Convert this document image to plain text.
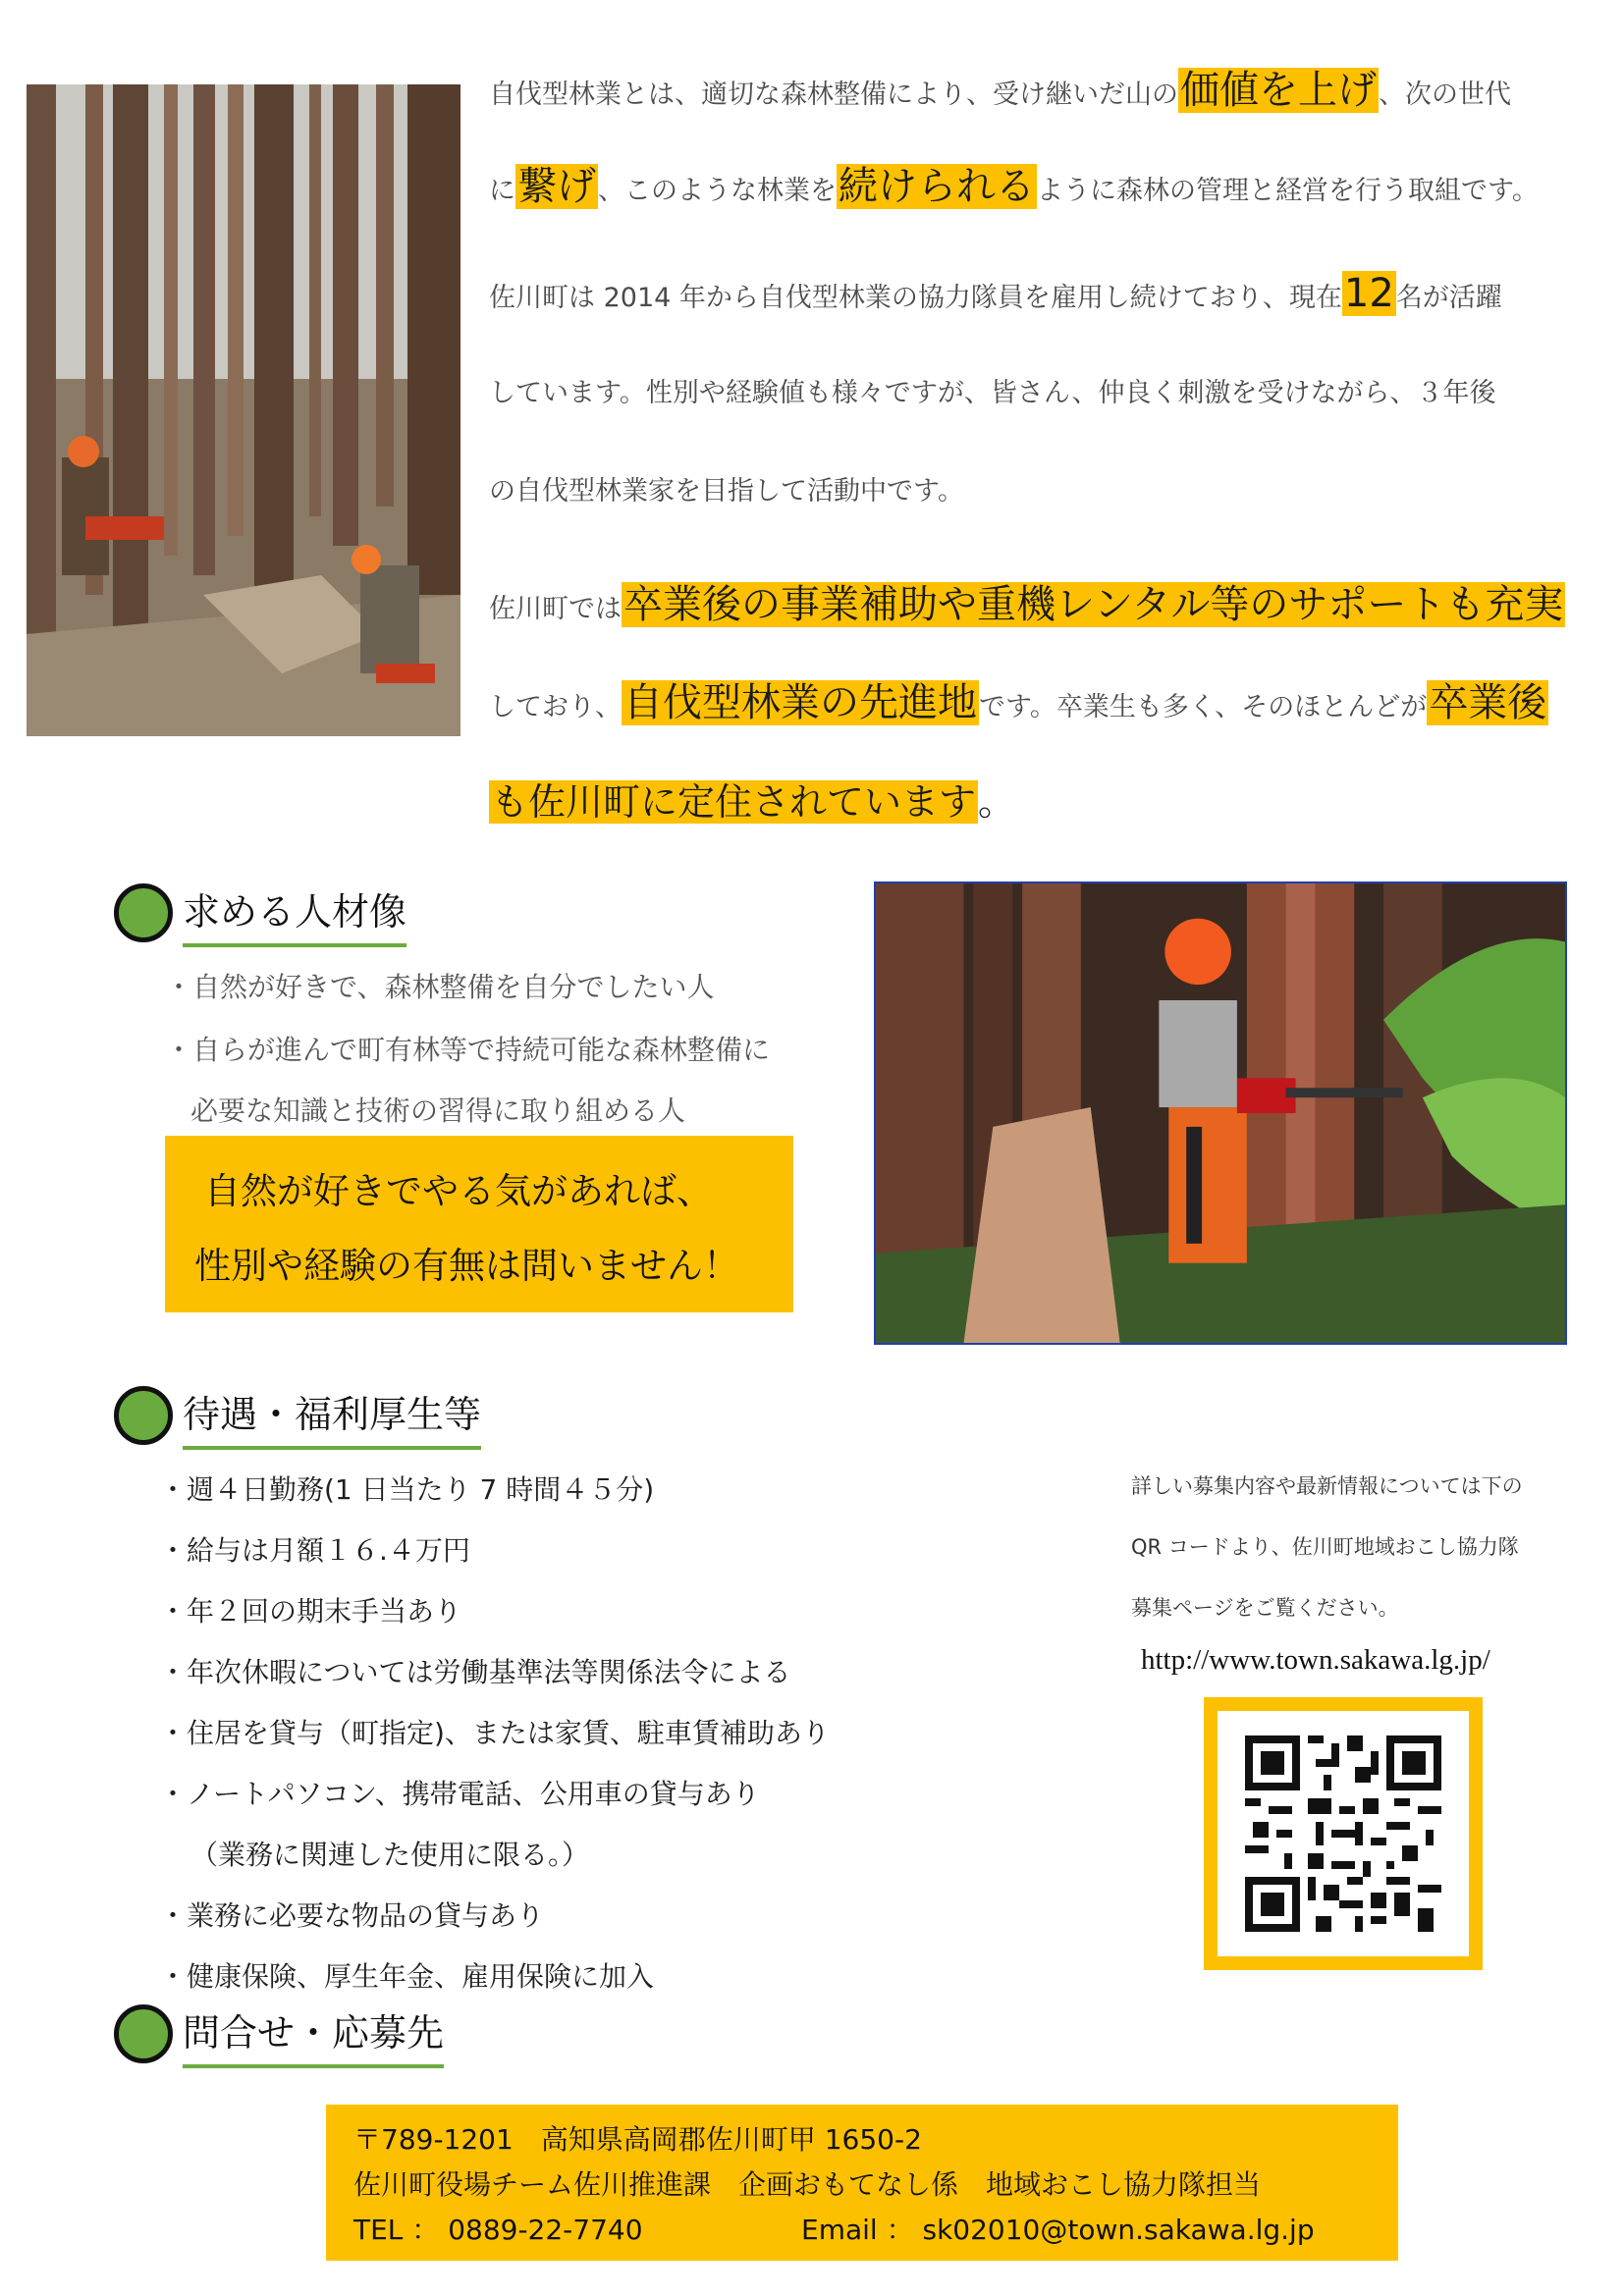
自伐型林業とは、適切な森林整備により、受け継いだ山の価値を上げ、次の世代
に繋げ、このような林業を続けられるように森林の管理と経営を行う取組です。
佐川町は 2014 年から自伐型林業の協力隊員を雇用し続けており、現在12名が活躍
しています。性別や経験値も様々ですが、皆さん、仲良く刺激を受けながら、３年後
の自伐型林業家を目指して活動中です。
佐川町では卒業後の事業補助や重機レンタル等のサポートも充実
しており、自伐型林業の先進地です。卒業生も多く、そのほとんどが卒業後
も佐川町に定住されています。
求める人材像
・自然が好きで、森林整備を自分でしたい人
・自らが進んで町有林等で持続可能な森林整備に
必要な知識と技術の習得に取り組める人
自然が好きでやる気があれば、
性別や経験の有無は問いません！
待遇・福利厚生等
・週４日勤務(1 日当たり 7 時間４５分)
・給与は月額１６.４万円
・年２回の期末手当あり
・年次休暇については労働基準法等関係法令による
・住居を貸与（町指定)、または家賃、駐車賃補助あり
・ノートパソコン、携帯電話、公用車の貸与あり
（業務に関連した使用に限る。）
・業務に必要な物品の貸与あり
・健康保険、厚生年金、雇用保険に加入
詳しい募集内容や最新情報については下の
QR コードより、佐川町地域おこし協力隊
募集ページをご覧ください。
http://www.town.sakawa.lg.jp/
問合せ・応募先
〒789-1201　高知県高岡郡佐川町甲 1650-2
佐川町役場チーム佐川推進課　企画おもてなし係　地域おこし協力隊担当
TEL ： 0889-22-7740	Email ： sk02010@town.sakawa.lg.jp
